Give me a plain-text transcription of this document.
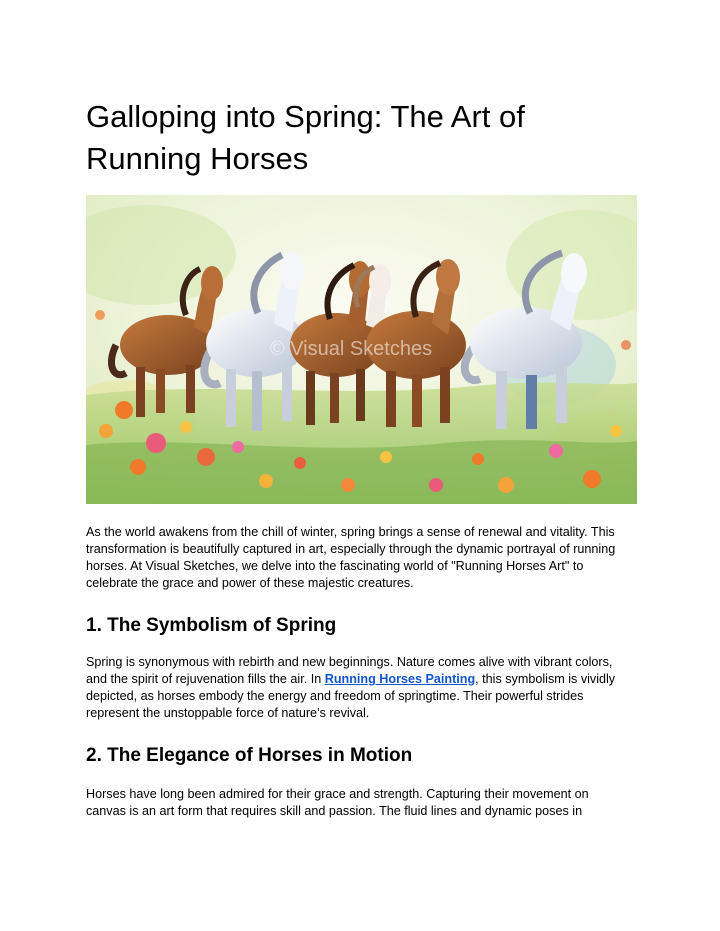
Galloping into Spring: The Art of
Running Horses
© Visual Sketches

As the world awakens from the chill of winter, spring brings a sense of renewal and vitality. This
transformation is beautifully captured in art, especially through the dynamic portrayal of running
horses. At Visual Sketches, we delve into the fascinating world of "Running Horses Art" to
celebrate the grace and power of these majestic creatures.

1. The Symbolism of Spring

Spring is synonymous with rebirth and new beginnings. Nature comes alive with vibrant colors,
and the spirit of rejuvenation fills the air. In Running Horses Painting, this symbolism is vividly
depicted, as horses embody the energy and freedom of springtime. Their powerful strides
represent the unstoppable force of nature’s revival.

2. The Elegance of Horses in Motion

Horses have long been admired for their grace and strength. Capturing their movement on
canvas is an art form that requires skill and passion. The fluid lines and dynamic poses in
